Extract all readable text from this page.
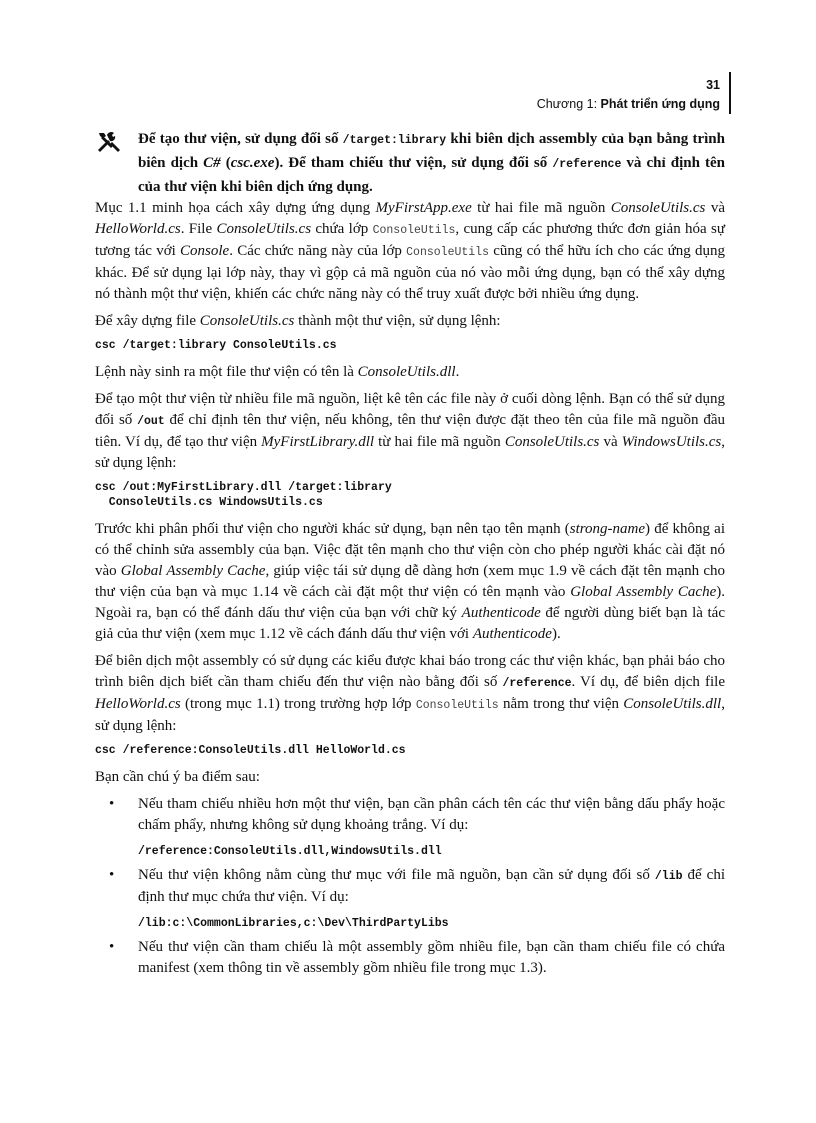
31
Chương 1: Phát triển ứng dụng

Để tạo thư viện, sử dụng đối số /target:library khi biên dịch assembly của bạn bằng trình biên dịch C# (csc.exe). Để tham chiếu thư viện, sử dụng đối số /reference và chỉ định tên của thư viện khi biên dịch ứng dụng.

Mục 1.1 minh họa cách xây dựng ứng dụng MyFirstApp.exe từ hai file mã nguồn ConsoleUtils.cs và HelloWorld.cs. File ConsoleUtils.cs chứa lớp ConsoleUtils, cung cấp các phương thức đơn giản hóa sự tương tác với Console. Các chức năng này của lớp ConsoleUtils cũng có thể hữu ích cho các ứng dụng khác. Để sử dụng lại lớp này, thay vì gộp cả mã nguồn của nó vào mỗi ứng dụng, bạn có thể xây dựng nó thành một thư viện, khiến các chức năng này có thể truy xuất được bởi nhiều ứng dụng.

Để xây dựng file ConsoleUtils.cs thành một thư viện, sử dụng lệnh:

csc /target:library ConsoleUtils.cs

Lệnh này sinh ra một file thư viện có tên là ConsoleUtils.dll.

Để tạo một thư viện từ nhiều file mã nguồn, liệt kê tên các file này ở cuối dòng lệnh. Bạn có thể sử dụng đối số /out để chỉ định tên thư viện, nếu không, tên thư viện được đặt theo tên của file mã nguồn đầu tiên. Ví dụ, để tạo thư viện MyFirstLibrary.dll từ hai file mã nguồn ConsoleUtils.cs và WindowsUtils.cs, sử dụng lệnh:

csc /out:MyFirstLibrary.dll /target:library
ConsoleUtils.cs WindowsUtils.cs

Trước khi phân phối thư viện cho người khác sử dụng, bạn nên tạo tên mạnh (strong-name) để không ai có thể chỉnh sửa assembly của bạn. Việc đặt tên mạnh cho thư viện còn cho phép người khác cài đặt nó vào Global Assembly Cache, giúp việc tái sử dụng dễ dàng hơn (xem mục 1.9 về cách đặt tên mạnh cho thư viện của bạn và mục 1.14 về cách cài đặt một thư viện có tên mạnh vào Global Assembly Cache). Ngoài ra, bạn có thể đánh dấu thư viện của bạn với chữ ký Authenticode để người dùng biết bạn là tác giả của thư viện (xem mục 1.12 về cách đánh dấu thư viện với Authenticode).

Để biên dịch một assembly có sử dụng các kiểu được khai báo trong các thư viện khác, bạn phải báo cho trình biên dịch biết cần tham chiếu đến thư viện nào bằng đối số /reference. Ví dụ, để biên dịch file HelloWorld.cs (trong mục 1.1) trong trường hợp lớp ConsoleUtils nằm trong thư viện ConsoleUtils.dll, sử dụng lệnh:

csc /reference:ConsoleUtils.dll HelloWorld.cs

Bạn cần chú ý ba điểm sau:

• Nếu tham chiếu nhiều hơn một thư viện, bạn cần phân cách tên các thư viện bằng dấu phẩy hoặc chấm phẩy, nhưng không sử dụng khoảng trắng. Ví dụ:
/reference:ConsoleUtils.dll,WindowsUtils.dll
• Nếu thư viện không nằm cùng thư mục với file mã nguồn, bạn cần sử dụng đối số /lib để chỉ định thư mục chứa thư viện. Ví dụ:
/lib:c:\CommonLibraries,c:\Dev\ThirdPartyLibs
• Nếu thư viện cần tham chiếu là một assembly gồm nhiều file, bạn cần tham chiếu file có chứa manifest (xem thông tin về assembly gồm nhiều file trong mục 1.3).
